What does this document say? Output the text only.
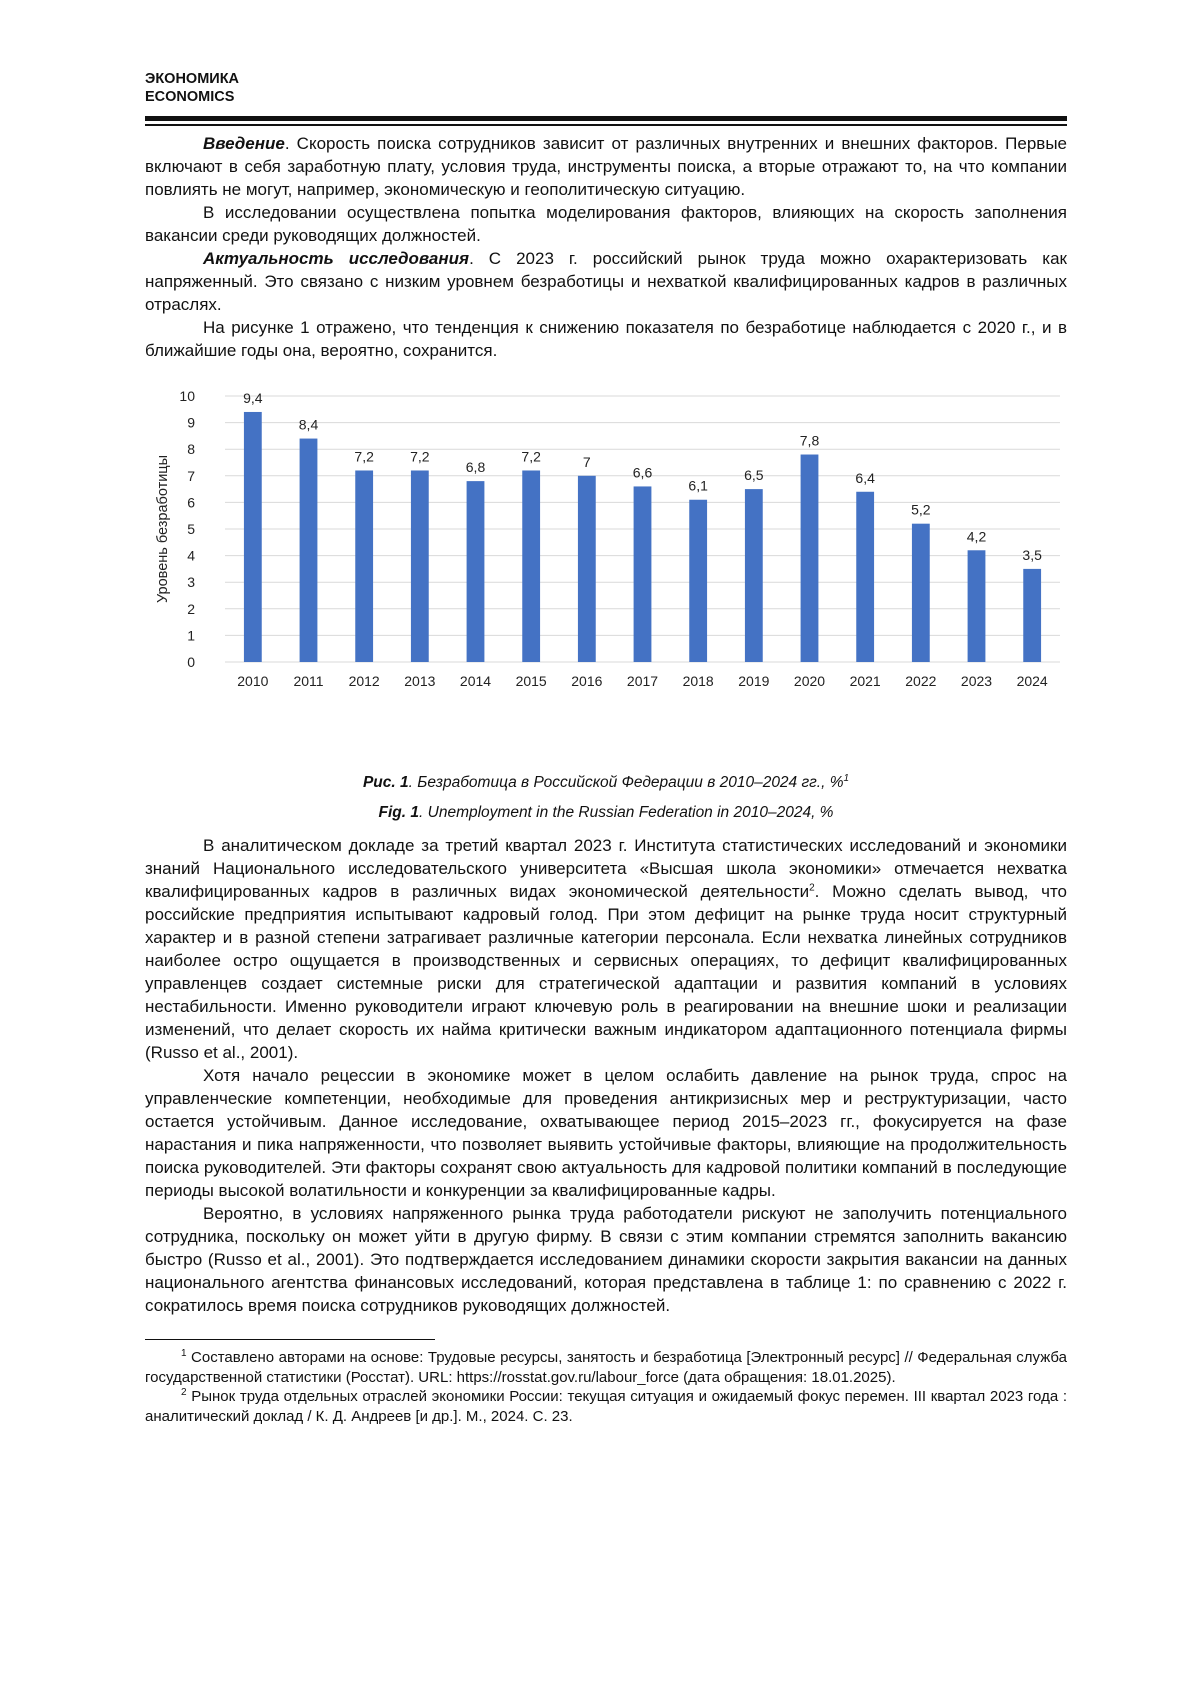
ЭКОНОМИКА
ECONOMICS

Введение. Скорость поиска сотрудников зависит от различных внутренних и внешних факторов. Первые включают в себя заработную плату, условия труда, инструменты поиска, а вторые отражают то, на что компании повлиять не могут, например, экономическую и геополитическую ситуацию.

В исследовании осуществлена попытка моделирования факторов, влияющих на скорость заполнения вакансии среди руководящих должностей.

Актуальность исследования. С 2023 г. российский рынок труда можно охарактеризовать как напряженный. Это связано с низким уровнем безработицы и нехваткой квалифицированных кадров в различных отраслях.

На рисунке 1 отражено, что тенденция к снижению показателя по безработице наблюдается с 2020 г., и в ближайшие годы она, вероятно, сохранится.

0
1
2
3
4
5
6
7
8
9
10
Уровень безработицы
9,4
2010
8,4
2011
7,2
2012
7,2
2013
6,8
2014
7,2
2015
7
2016
6,6
2017
6,1
2018
6,5
2019
7,8
2020
6,4
2021
5,2
2022
4,2
2023
3,5
2024
Рис. 1. Безработица в Российской Федерации в 2010–2024 гг., %$^1$
Fig. 1. Unemployment in the Russian Federation in 2010–2024, %

В аналитическом докладе за третий квартал 2023 г. Института статистических исследований и экономики знаний Национального исследовательского университета «Высшая школа экономики» отмечается нехватка квалифицированных кадров в различных видах экономической деятельности$^2$. Можно сделать вывод, что российские предприятия испытывают кадровый голод. При этом дефицит на рынке труда носит структурный характер и в разной степени затрагивает различные категории персонала. Если нехватка линейных сотрудников наиболее остро ощущается в производственных и сервисных операциях, то дефицит квалифицированных управленцев создает системные риски для стратегической адаптации и развития компаний в условиях нестабильности. Именно руководители играют ключевую роль в реагировании на внешние шоки и реализации изменений, что делает скорость их найма критически важным индикатором адаптационного потенциала фирмы (Russo et al., 2001).

Хотя начало рецессии в экономике может в целом ослабить давление на рынок труда, спрос на управленческие компетенции, необходимые для проведения антикризисных мер и реструктуризации, часто остается устойчивым. Данное исследование, охватывающее период 2015–2023 гг., фокусируется на фазе нарастания и пика напряженности, что позволяет выявить устойчивые факторы, влияющие на продолжительность поиска руководителей. Эти факторы сохранят свою актуальность для кадровой политики компаний в последующие периоды высокой волатильности и конкуренции за квалифицированные кадры.

Вероятно, в условиях напряженного рынка труда работодатели рискуют не заполучить потенциального сотрудника, поскольку он может уйти в другую фирму. В связи с этим компании стремятся заполнить вакансию быстро (Russo et al., 2001). Это подтверждается исследованием динамики скорости закрытия вакансии на данных национального агентства финансовых исследований, которая представлена в таблице 1: по сравнению с 2022 г. сократилось время поиска сотрудников руководящих должностей.

$^1$ Составлено авторами на основе: Трудовые ресурсы, занятость и безработица [Электронный ресурс] // Федеральная служба государственной статистики (Росстат). URL: https://rosstat.gov.ru/labour_force (дата обращения: 18.01.2025).

$^2$ Рынок труда отдельных отраслей экономики России: текущая ситуация и ожидаемый фокус перемен. III квартал 2023 года : аналитический доклад / К. Д. Андреев [и др.]. М., 2024. С. 23.
